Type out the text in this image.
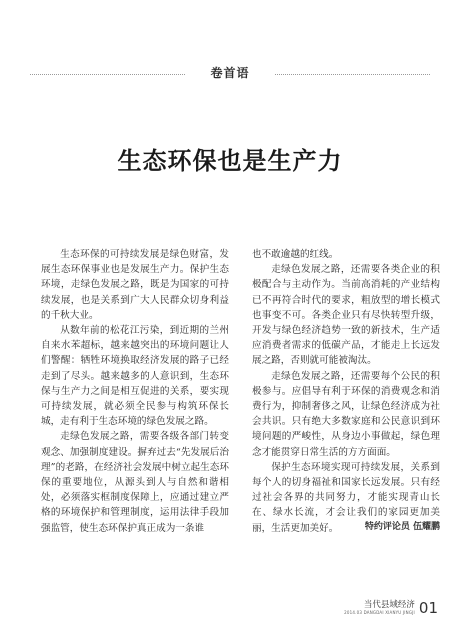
卷首语
生态环保也是生产力

生态环保的可持续发展是绿色财富，发展生态环保事业也是发展生产力。保护生态环境，走绿色发展之路，既是为国家的可持续发展，也是关系到广大人民群众切身利益的千秋大业。

从数年前的松花江污染，到近期的兰州自来水苯超标，越来越突出的环境问题让人们警醒：牺牲环境换取经济发展的路子已经走到了尽头。越来越多的人意识到，生态环保与生产力之间是相互促进的关系，要实现可持续发展，就必须全民参与构筑环保长城，走有利于生态环境的绿色发展之路。

走绿色发展之路，需要各级各部门转变观念、加强制度建设。摒弃过去“先发展后治理”的老路，在经济社会发展中树立起生态环保的重要地位，从源头到人与自然和谐相处，必须落实框制度保障上，应通过建立严格的环境保护和管理制度，运用法律手段加强监管，使生态环保护真正成为一条谁

也不敢逾越的红线。

走绿色发展之路，还需要各类企业的积极配合与主动作为。当前高消耗的产业结构已不再符合时代的要求，粗放型的增长模式也事变不可。各类企业只有尽快转型升级，开发与绿色经济趋势一致的新技术，生产适应消费者需求的低碳产品，才能走上长远发展之路，否则就可能被淘汰。

走绿色发展之路，还需要每个公民的积极参与。应倡导有利于环保的消费观念和消费行为，抑制奢侈之风，让绿色经济成为社会共识。只有绝大多数家庭和公民意识到环境问题的严峻性，从身边小事做起，绿色理念才能贯穿日常生活的方方面面。

保护生态环境实现可持续发展，关系到每个人的切身福祉和国家长远发展。只有经过社会各界的共同努力，才能实现青山长在、绿水长流，才会让我们的家园更加美丽，生活更加美好。	特约评论员 伍耀鹏
当代县域经济
2014.03 DANGDAI XIANYU JINGJI 01
